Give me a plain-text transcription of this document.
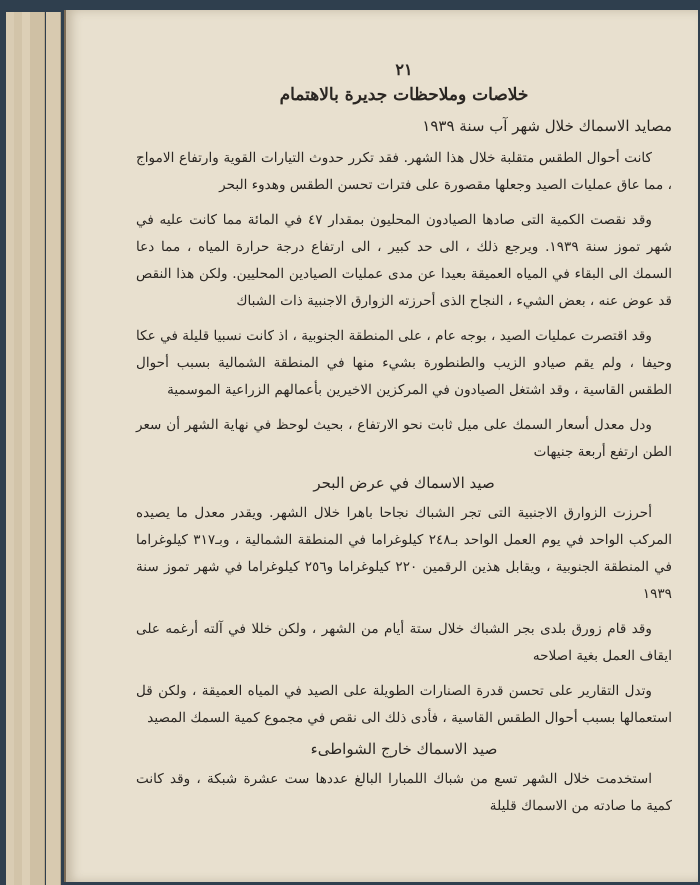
٢١
خلاصات وملاحظات جديرة بالاهتمام
مصايد الاسماك خلال شهر آب سنة ١٩٣٩

كانت أحوال الطقس متقلبة خلال هذا الشهر. فقد تكرر حدوث التيارات القوية وارتفاع الامواج ، مما عاق عمليات الصيد وجعلها مقصورة على فترات تحسن الطقس وهدوء البحر

وقد نقصت الكمية التى صادها الصيادون المحليون بمقدار ٤٧ في المائة مما كانت عليه في شهر تموز سنة ١٩٣٩. ويرجع ذلك ، الى حد كبير ، الى ارتفاع درجة حرارة المياه ، مما دعا السمك الى البقاء في المياه العميقة بعيدا عن مدى عمليات الصيادين المحليين. ولكن هذا النقص قد عوض عنه ، بعض الشيء ، النجاح الذى أحرزته الزوارق الاجنبية ذات الشباك

وقد اقتصرت عمليات الصيد ، بوجه عام ، على المنطقة الجنوبية ، اذ كانت نسبيا قليلة في عكا وحيفا ، ولم يقم صيادو الزيب والطنطورة بشيء منها في المنطقة الشمالية بسبب أحوال الطقس القاسية ، وقد اشتغل الصيادون في المركزين الاخيرين بأعمالهم الزراعية الموسمية

ودل معدل أسعار السمك على ميل ثابت نحو الارتفاع ، بحيث لوحظ في نهاية الشهر أن سعر الطن ارتفع أربعة جنيهات

صيد الاسماك في عرض البحر

أحرزت الزوارق الاجنبية التى تجر الشباك نجاحا باهرا خلال الشهر. ويقدر معدل ما يصيده المركب الواحد في يوم العمل الواحد بـ٢٤٨ كيلوغراما في المنطقة الشمالية ، وبـ٣١٧ كيلوغراما في المنطقة الجنوبية ، ويقابل هذين الرقمين ٢٢٠ كيلوغراما و٢٥٦ كيلوغراما في شهر تموز سنة ١٩٣٩

وقد قام زورق بلدى بجر الشباك خلال ستة أيام من الشهر ، ولكن خللا في آلته أرغمه على ايقاف العمل بغية اصلاحه

وتدل التقارير على تحسن قدرة الصنارات الطويلة على الصيد في المياه العميقة ، ولكن قل استعمالها بسبب أحوال الطقس القاسية ، فأدى ذلك الى نقص في مجموع كمية السمك المصيد

صيد الاسماك خارج الشواطىء

استخدمت خلال الشهر تسع من شباك اللمبارا البالغ عددها ست عشرة شبكة ، وقد كانت كمية ما صادته من الاسماك قليلة
